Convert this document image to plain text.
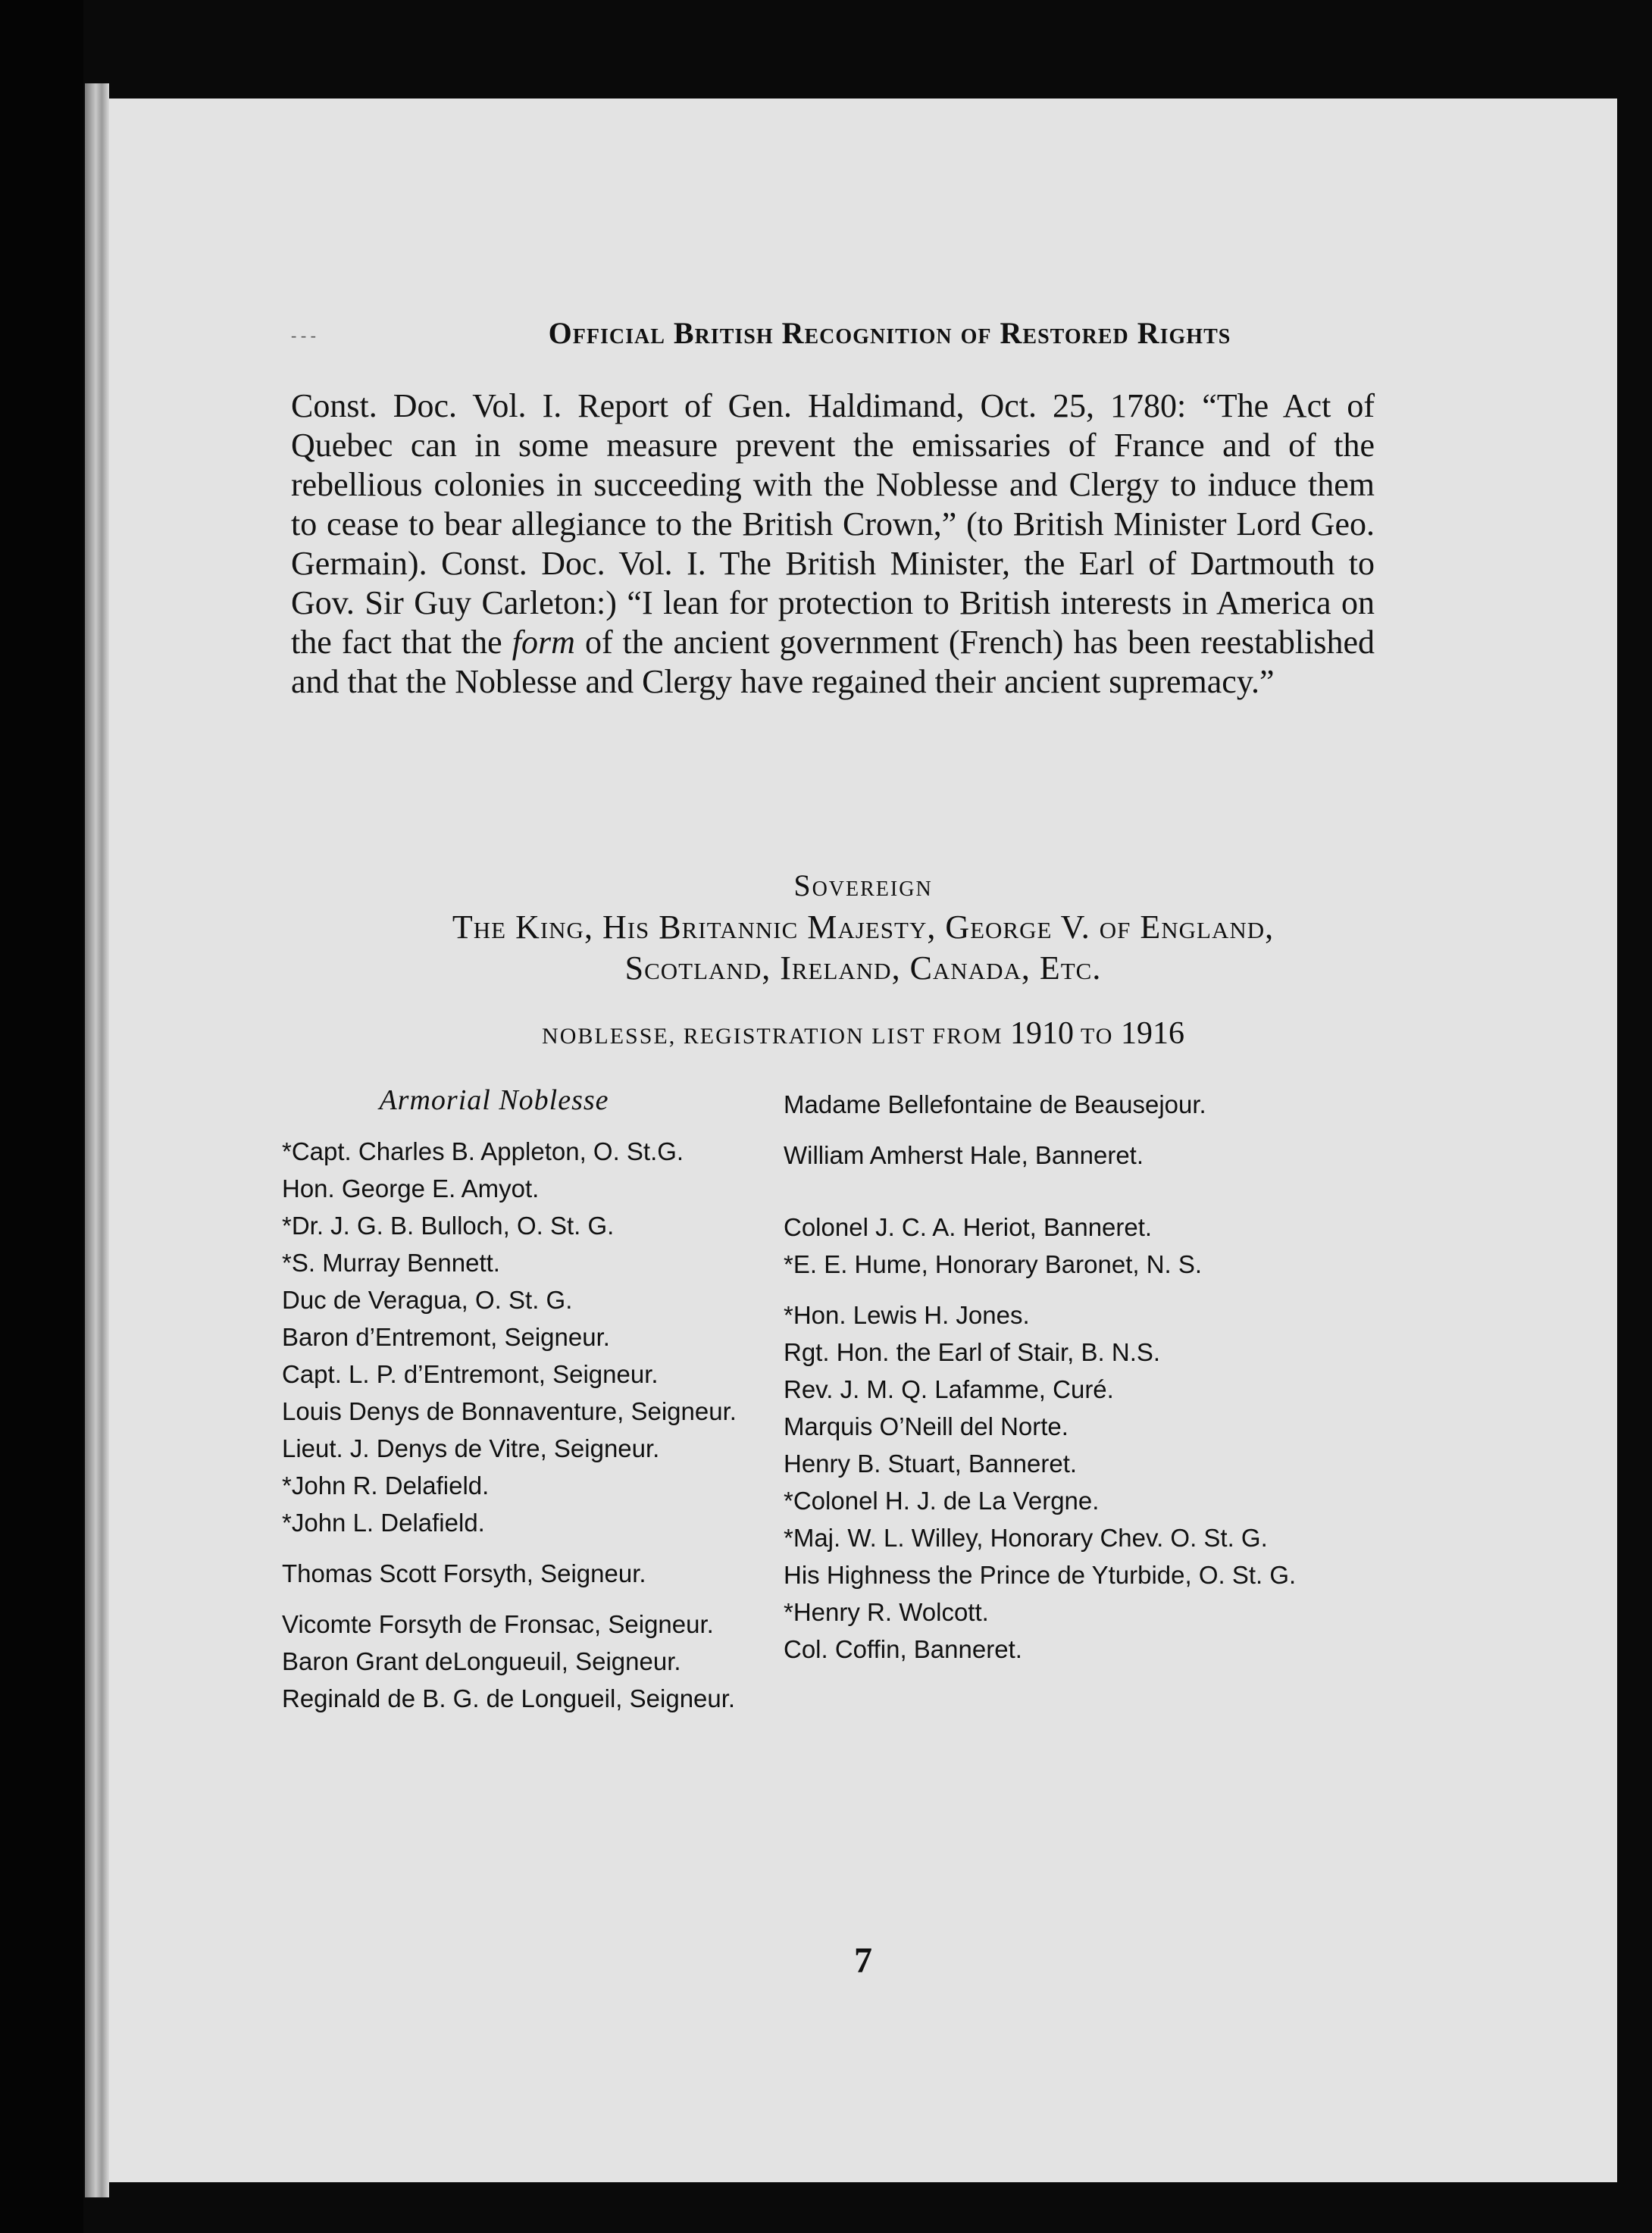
- - -	Official British Recognition of Restored Rights

Const. Doc. Vol. I. Report of Gen. Haldimand, Oct. 25, 1780: “The Act of Quebec can in some measure prevent the emissaries of France and of the rebellious colonies in succeeding with the Noblesse and Clergy to induce them to cease to bear allegiance to the British Crown,” (to British Minister Lord Geo. Germain). Const. Doc. Vol. I. The British Minister, the Earl of Dartmouth to Gov. Sir Guy Carleton:) “I lean for protection to British interests in America on the fact that the form of the ancient government (French) has been reestablished and that the Noblesse and Clergy have regained their ancient supremacy.”

Sovereign
The King, His Britannic Majesty, George V. of England,
Scotland, Ireland, Canada, Etc.
NOBLESSE, REGISTRATION LIST FROM 1910 TO 1916
Armorial Noblesse
*Capt. Charles B. Appleton, O. St.G.
Hon. George E. Amyot.
*Dr. J. G. B. Bulloch, O. St. G.
*S. Murray Bennett.
Duc de Veragua, O. St. G.
Baron d’Entremont, Seigneur.
Capt. L. P. d’Entremont, Seigneur.
Louis Denys de Bonnaventure, Seigneur.
Lieut. J. Denys de Vitre, Seigneur.
*John R. Delafield.
*John L. Delafield.
Thomas Scott Forsyth, Seigneur.
Vicomte Forsyth de Fronsac, Seigneur.
Baron Grant deLongueuil, Seigneur.
Reginald de B. G. de Longueil, Seigneur.
Madame Bellefontaine de Beausejour.
William Amherst Hale, Banneret.
Colonel J. C. A. Heriot, Banneret.
*E. E. Hume, Honorary Baronet, N. S.
*Hon. Lewis H. Jones.
Rgt. Hon. the Earl of Stair, B. N.S.
Rev. J. M. Q. Lafamme, Curé.
Marquis O’Neill del Norte.
Henry B. Stuart, Banneret.
*Colonel H. J. de La Vergne.
*Maj. W. L. Willey, Honorary Chev. O. St. G.
His Highness the Prince de Yturbide, O. St. G.
*Henry R. Wolcott.
Col. Coffin, Banneret.
7
